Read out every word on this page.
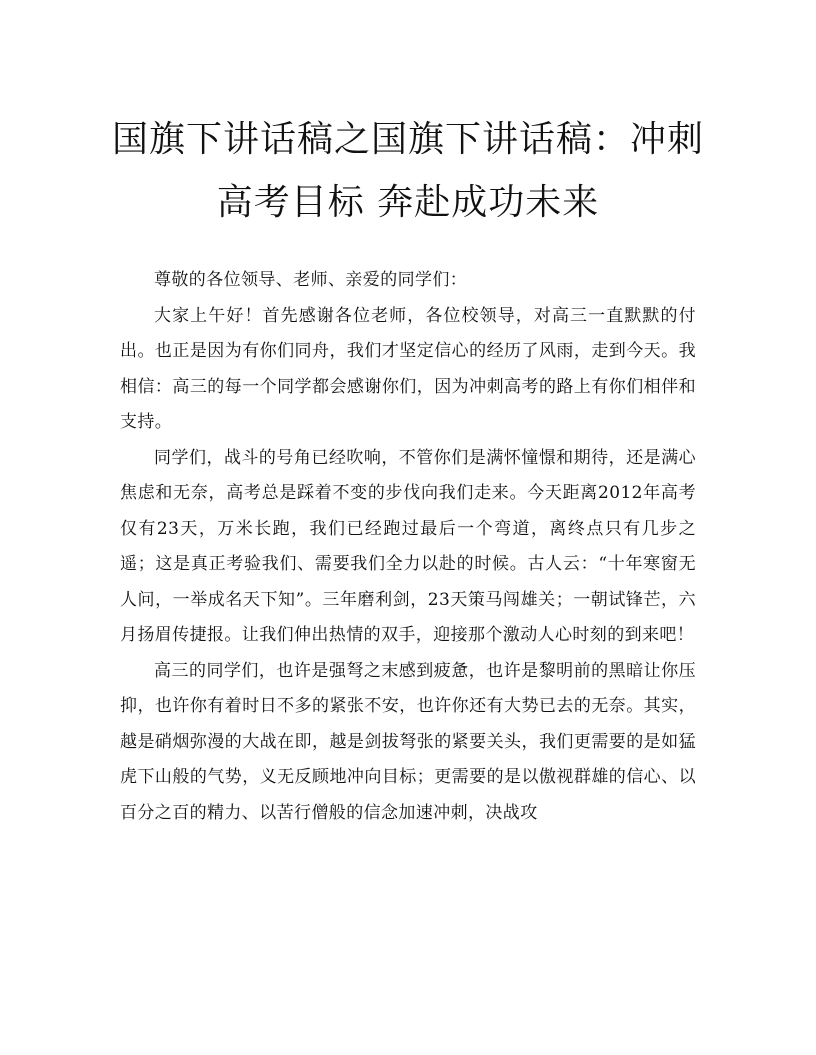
国旗下讲话稿之国旗下讲话稿：冲刺高考目标 奔赴成功未来

尊敬的各位领导、老师、亲爱的同学们：

大家上午好！首先感谢各位老师，各位校领导，对高三一直默默的付出。也正是因为有你们同舟，我们才坚定信心的经历了风雨，走到今天。我相信：高三的每一个同学都会感谢你们，因为冲刺高考的路上有你们相伴和支持。

同学们，战斗的号角已经吹响，不管你们是满怀憧憬和期待，还是满心焦虑和无奈，高考总是踩着不变的步伐向我们走来。今天距离2012年高考仅有23天，万米长跑，我们已经跑过最后一个弯道，离终点只有几步之遥；这是真正考验我们、需要我们全力以赴的时候。古人云：“十年寒窗无人问，一举成名天下知”。三年磨利剑，23天策马闯雄关；一朝试锋芒，六月扬眉传捷报。让我们伸出热情的双手，迎接那个激动人心时刻的到来吧！

高三的同学们，也许是强弩之末感到疲惫，也许是黎明前的黑暗让你压抑，也许你有着时日不多的紧张不安，也许你还有大势已去的无奈。其实，越是硝烟弥漫的大战在即，越是剑拔弩张的紧要关头，我们更需要的是如猛虎下山般的气势，义无反顾地冲向目标；更需要的是以傲视群雄的信心、以百分之百的精力、以苦行僧般的信念加速冲刺，决战攻
